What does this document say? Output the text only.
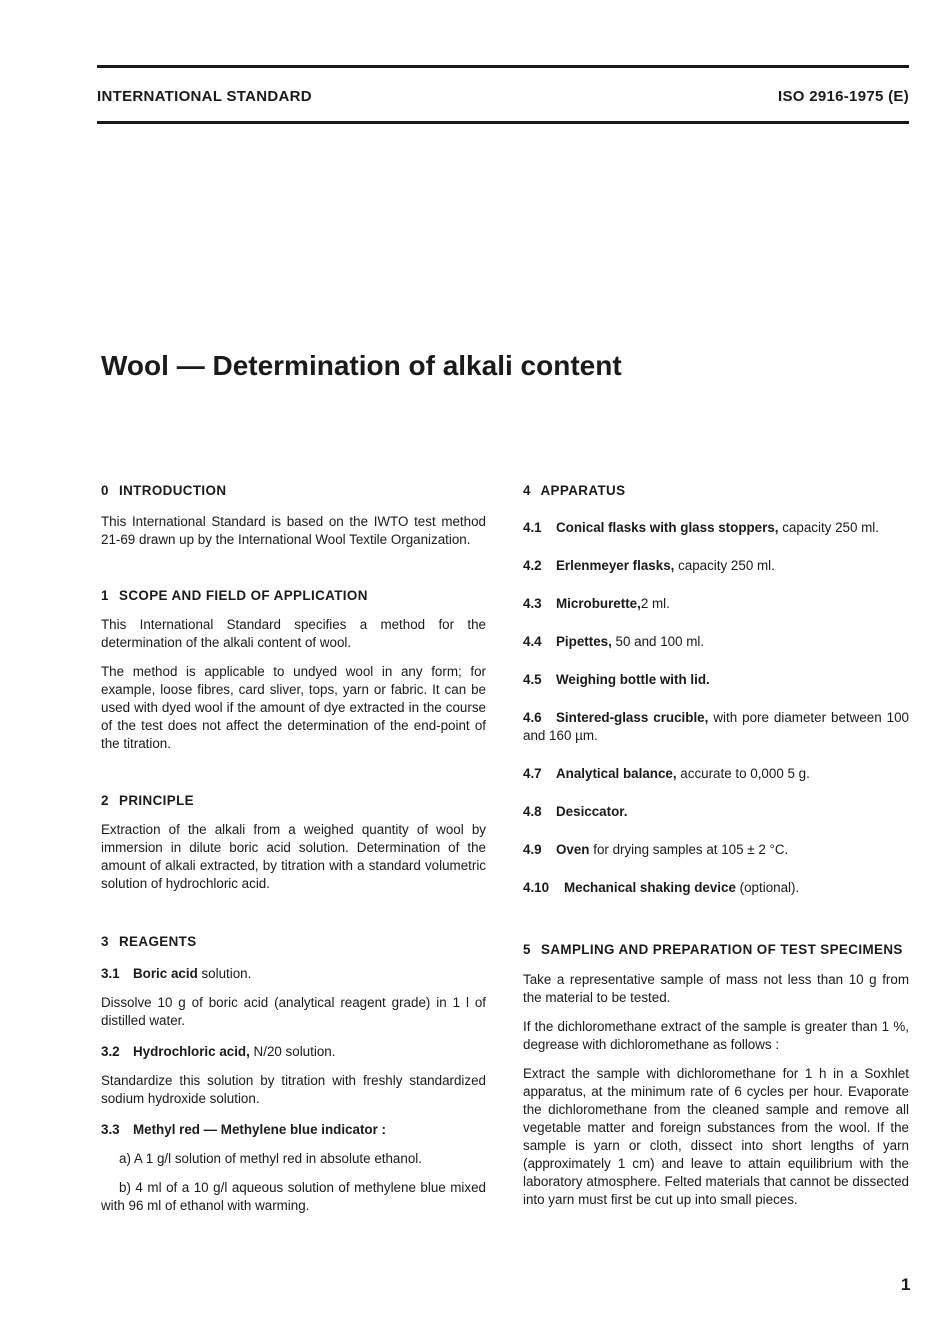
INTERNATIONAL STANDARD	ISO 2916-1975 (E)
Wool — Determination of alkali content
0 INTRODUCTION

This International Standard is based on the IWTO test method 21-69 drawn up by the International Wool Textile Organization.

1 SCOPE AND FIELD OF APPLICATION

This International Standard specifies a method for the determination of the alkali content of wool.

The method is applicable to undyed wool in any form; for example, loose fibres, card sliver, tops, yarn or fabric. It can be used with dyed wool if the amount of dye extracted in the course of the test does not affect the determination of the end-point of the titration.

2 PRINCIPLE

Extraction of the alkali from a weighed quantity of wool by immersion in dilute boric acid solution. Determination of the amount of alkali extracted, by titration with a standard volumetric solution of hydrochloric acid.

3 REAGENTS

3.1 Boric acid solution.

Dissolve 10 g of boric acid (analytical reagent grade) in 1 l of distilled water.

3.2 Hydrochloric acid, N/20 solution.

Standardize this solution by titration with freshly standardized sodium hydroxide solution.

3.3 Methyl red — Methylene blue indicator :

a) A 1 g/l solution of methyl red in absolute ethanol.

b) 4 ml of a 10 g/l aqueous solution of methylene blue mixed with 96 ml of ethanol with warming.

4 APPARATUS

4.1 Conical flasks with glass stoppers, capacity 250 ml.

4.2 Erlenmeyer flasks, capacity 250 ml.

4.3 Microburette,2 ml.

4.4 Pipettes, 50 and 100 ml.

4.5 Weighing bottle with lid.

4.6 Sintered-glass crucible, with pore diameter between 100 and 160 µm.

4.7 Analytical balance, accurate to 0,000 5 g.

4.8 Desiccator.

4.9 Oven for drying samples at 105 ± 2 °C.

4.10 Mechanical shaking device (optional).

5 SAMPLING AND PREPARATION OF TEST SPECIMENS

Take a representative sample of mass not less than 10 g from the material to be tested.

If the dichloromethane extract of the sample is greater than 1 %, degrease with dichloromethane as follows :

Extract the sample with dichloromethane for 1 h in a Soxhlet apparatus, at the minimum rate of 6 cycles per hour. Evaporate the dichloromethane from the cleaned sample and remove all vegetable matter and foreign substances from the wool. If the sample is yarn or cloth, dissect into short lengths of yarn (approximately 1 cm) and leave to attain equilibrium with the laboratory atmosphere. Felted materials that cannot be dissected into yarn must first be cut up into small pieces.

1
